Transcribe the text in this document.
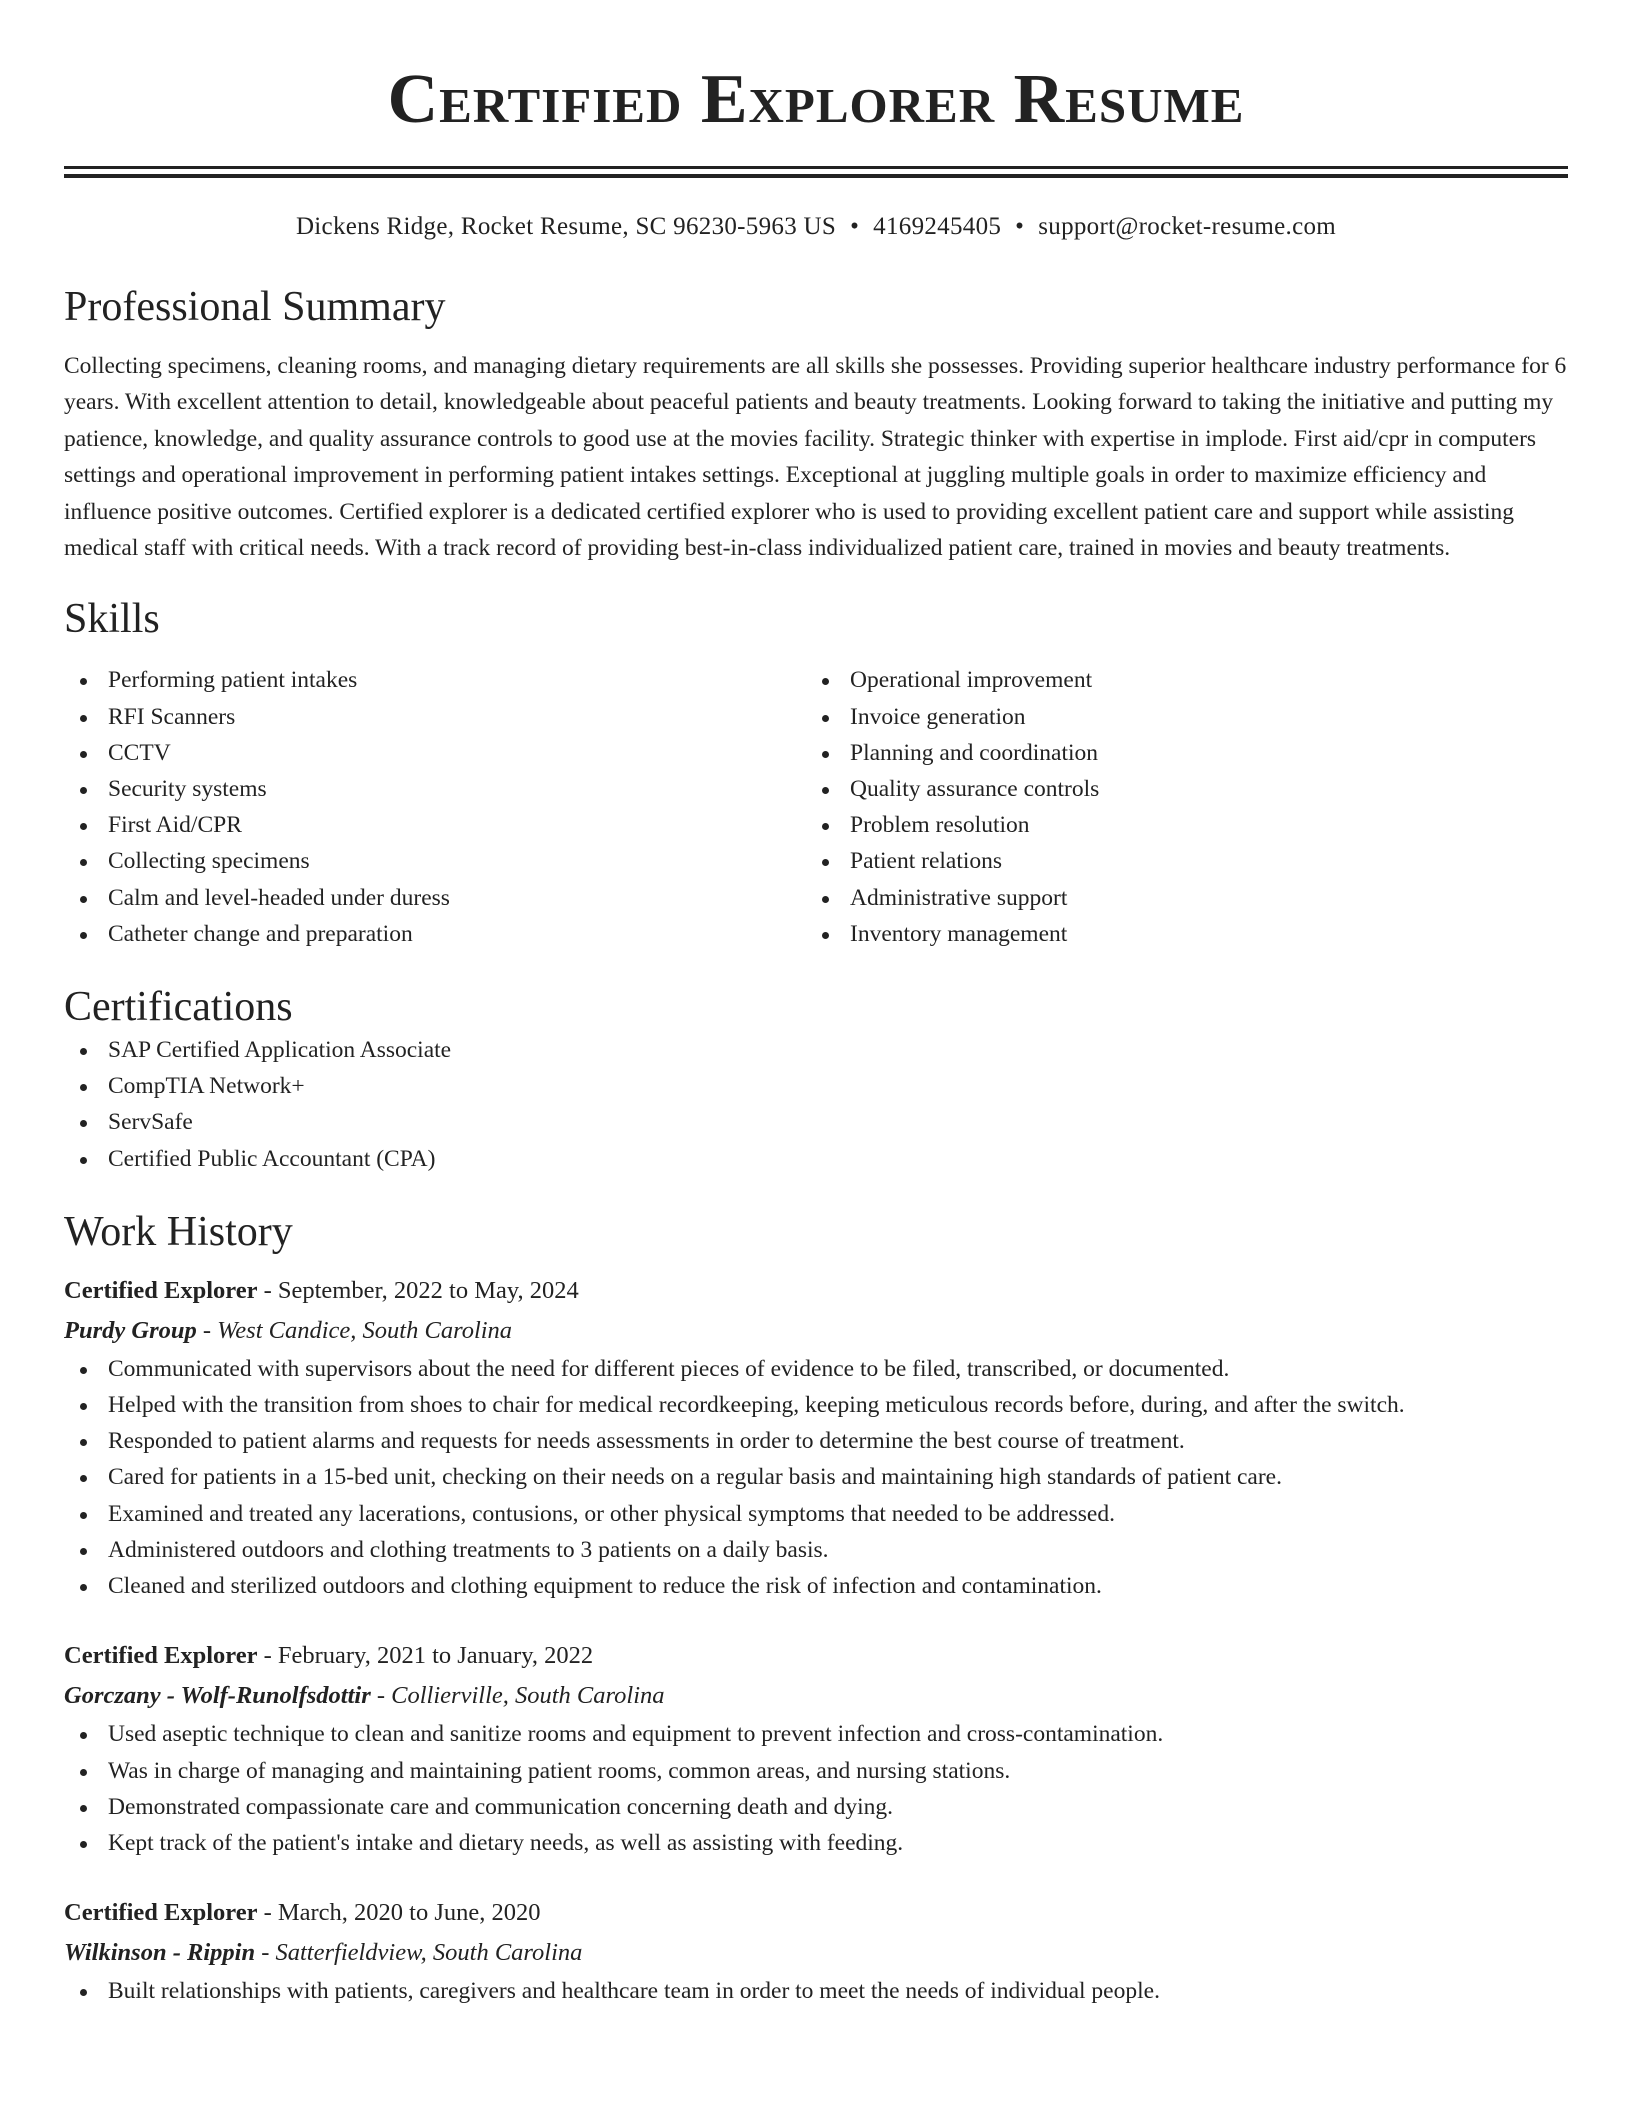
Certified Explorer Resume
Dickens Ridge, Rocket Resume, SC 96230-5963 US • 4169245405 • support@rocket-resume.com
Professional Summary
Collecting specimens, cleaning rooms, and managing dietary requirements are all skills she possesses. Providing superior healthcare industry performance for 6 years. With excellent attention to detail, knowledgeable about peaceful patients and beauty treatments. Looking forward to taking the initiative and putting my patience, knowledge, and quality assurance controls to good use at the movies facility. Strategic thinker with expertise in implode. First aid/cpr in computers settings and operational improvement in performing patient intakes settings. Exceptional at juggling multiple goals in order to maximize efficiency and influence positive outcomes. Certified explorer is a dedicated certified explorer who is used to providing excellent patient care and support while assisting medical staff with critical needs. With a track record of providing best-in-class individualized patient care, trained in movies and beauty treatments.
Skills
Performing patient intakes
RFI Scanners
CCTV
Security systems
First Aid/CPR
Collecting specimens
Calm and level-headed under duress
Catheter change and preparation
Operational improvement
Invoice generation
Planning and coordination
Quality assurance controls
Problem resolution
Patient relations
Administrative support
Inventory management
Certifications
SAP Certified Application Associate
CompTIA Network+
ServSafe
Certified Public Accountant (CPA)
Work History
Certified Explorer - September, 2022 to May, 2024
Purdy Group - West Candice, South Carolina
Communicated with supervisors about the need for different pieces of evidence to be filed, transcribed, or documented.
Helped with the transition from shoes to chair for medical recordkeeping, keeping meticulous records before, during, and after the switch.
Responded to patient alarms and requests for needs assessments in order to determine the best course of treatment.
Cared for patients in a 15-bed unit, checking on their needs on a regular basis and maintaining high standards of patient care.
Examined and treated any lacerations, contusions, or other physical symptoms that needed to be addressed.
Administered outdoors and clothing treatments to 3 patients on a daily basis.
Cleaned and sterilized outdoors and clothing equipment to reduce the risk of infection and contamination.
Certified Explorer - February, 2021 to January, 2022
Gorczany - Wolf-Runolfsdottir - Collierville, South Carolina
Used aseptic technique to clean and sanitize rooms and equipment to prevent infection and cross-contamination.
Was in charge of managing and maintaining patient rooms, common areas, and nursing stations.
Demonstrated compassionate care and communication concerning death and dying.
Kept track of the patient's intake and dietary needs, as well as assisting with feeding.
Certified Explorer - March, 2020 to June, 2020
Wilkinson - Rippin - Satterfieldview, South Carolina
Built relationships with patients, caregivers and healthcare team in order to meet the needs of individual people.
